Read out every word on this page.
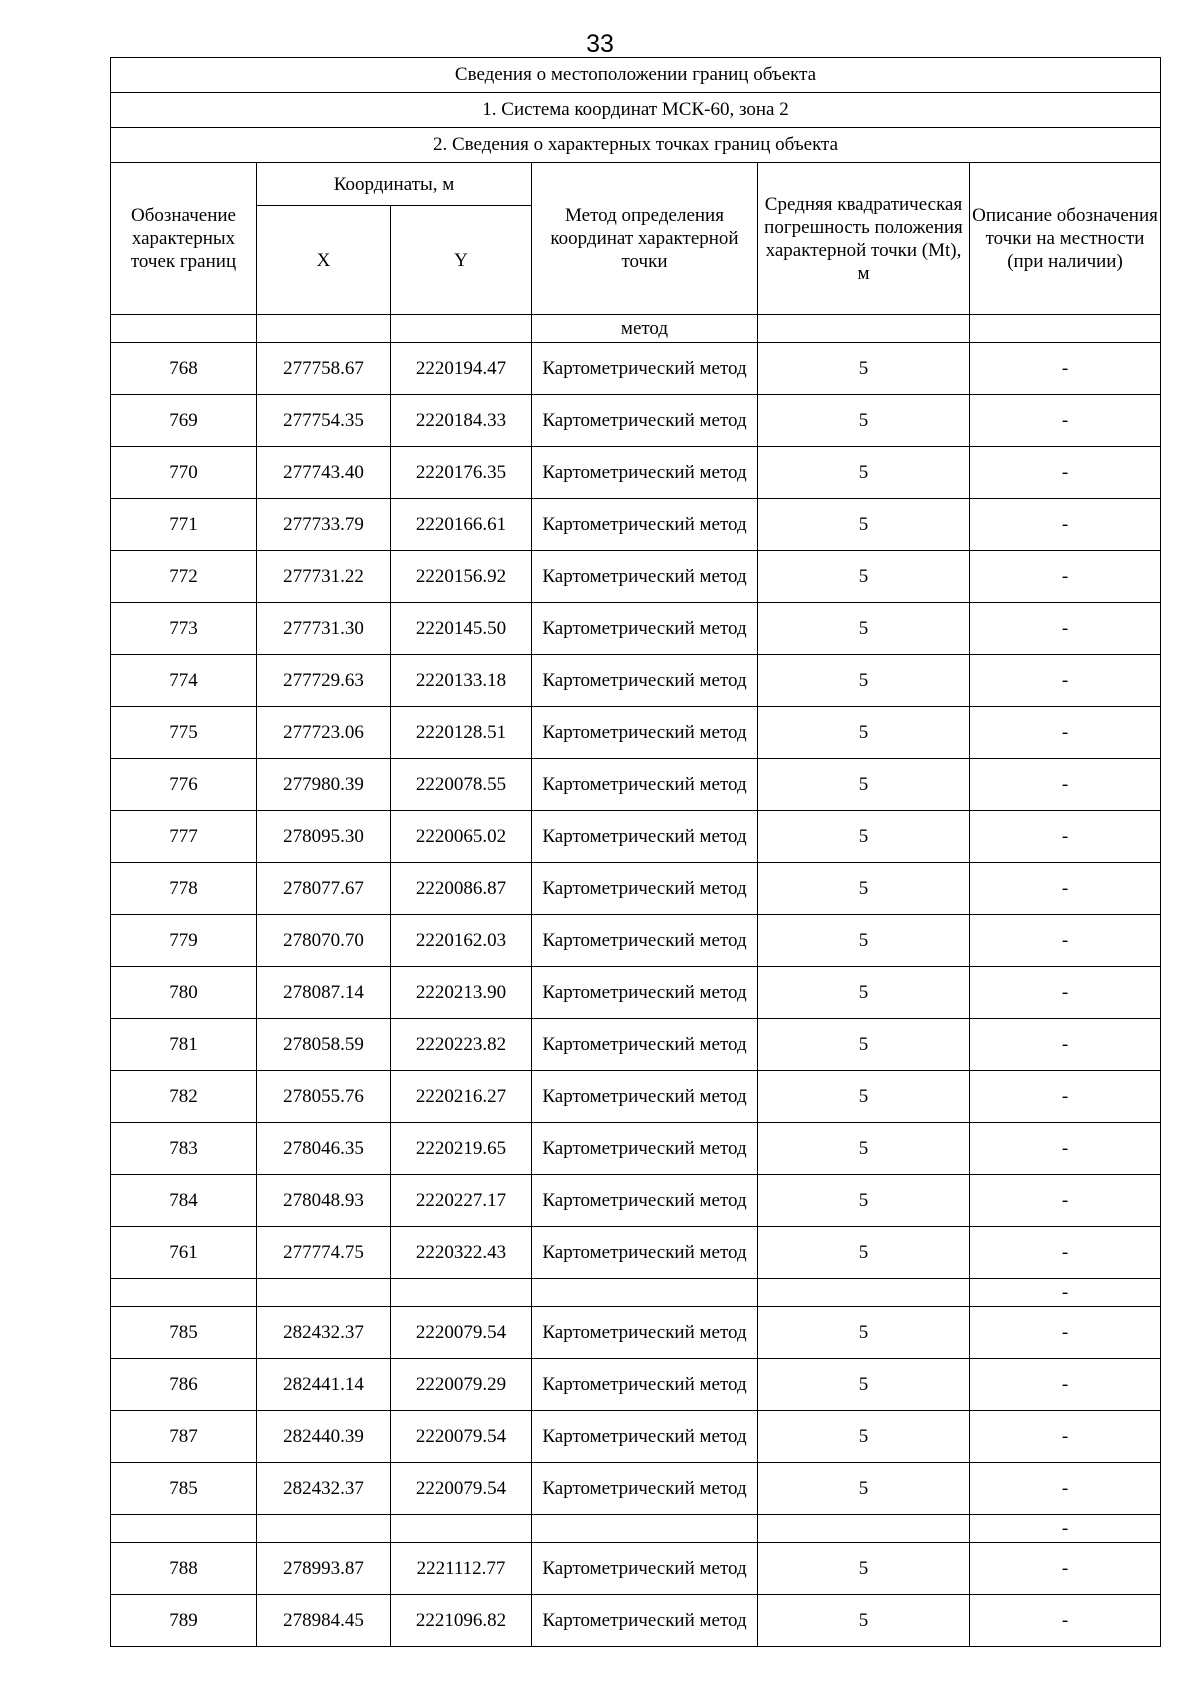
33
Сведения о местоположении границ объекта					
1. Система координат МСК-60, зона 2					
2. Сведения о характерных точках границ объекта					
Обозначение характерных точек границ	Координаты, м		Метод определения координат характерной точки	Средняя квадратическая погрешность положения характерной точки (Mt), м	Описание обозначения точки на местности (при наличии)
	X	Y			
			метод		
768	277758.67	2220194.47	Картометрический метод	5	-
769	277754.35	2220184.33	Картометрический метод	5	-
770	277743.40	2220176.35	Картометрический метод	5	-
771	277733.79	2220166.61	Картометрический метод	5	-
772	277731.22	2220156.92	Картометрический метод	5	-
773	277731.30	2220145.50	Картометрический метод	5	-
774	277729.63	2220133.18	Картометрический метод	5	-
775	277723.06	2220128.51	Картометрический метод	5	-
776	277980.39	2220078.55	Картометрический метод	5	-
777	278095.30	2220065.02	Картометрический метод	5	-
778	278077.67	2220086.87	Картометрический метод	5	-
779	278070.70	2220162.03	Картометрический метод	5	-
780	278087.14	2220213.90	Картометрический метод	5	-
781	278058.59	2220223.82	Картометрический метод	5	-
782	278055.76	2220216.27	Картометрический метод	5	-
783	278046.35	2220219.65	Картометрический метод	5	-
784	278048.93	2220227.17	Картометрический метод	5	-
761	277774.75	2220322.43	Картометрический метод	5	-
					-
785	282432.37	2220079.54	Картометрический метод	5	-
786	282441.14	2220079.29	Картометрический метод	5	-
787	282440.39	2220079.54	Картометрический метод	5	-
785	282432.37	2220079.54	Картометрический метод	5	-
					-
788	278993.87	2221112.77	Картометрический метод	5	-
789	278984.45	2221096.82	Картометрический метод	5	-
